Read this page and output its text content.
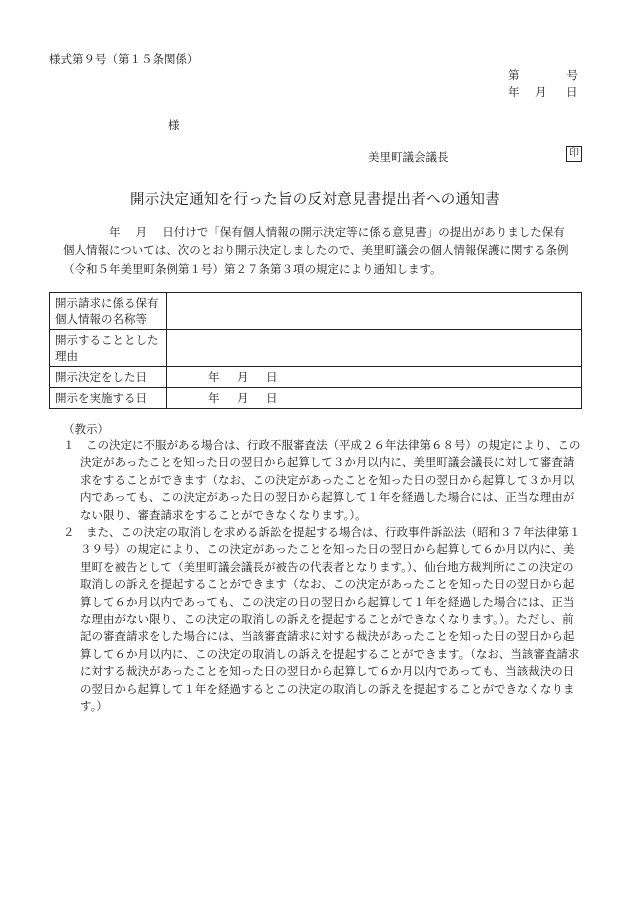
様式第９号（第１５条関係）
第	号
年 月 日
様
美里町議会議長	印
開示決定通知を行った旨の反対意見書提出者への通知書

年　 月　 日付けで「保有個人情報の開示決定等に係る意見書」の提出がありました保有

個人情報については、次のとおり開示決定しましたので、美里町議会の個人情報保護に関する条例

（令和５年美里町条例第１号）第２７条第３項の規定により通知します。

開示請求に係る保有個人情報の名称等	
開示することとした理由	
開示決定をした日	年 月 日
開示を実施する日	年 月 日
（教示）

１　この決定に不服がある場合は、行政不服審査法（平成２６年法律第６８号）の規定により、この決定があったことを知った日の翌日から起算して３か月以内に、美里町議会議長に対して審査請求をすることができます（なお、この決定があったことを知った日の翌日から起算して３か月以内であっても、この決定があった日の翌日から起算して１年を経過した場合には、正当な理由がない限り、審査請求をすることができなくなります。）。

２　また、この決定の取消しを求める訴訟を提起する場合は、行政事件訴訟法（昭和３７年法律第１３９号）の規定により、この決定があったことを知った日の翌日から起算して６か月以内に、美里町を被告として（美里町議会議長が被告の代表者となります。）、仙台地方裁判所にこの決定の取消しの訴えを提起することができます（なお、この決定があったことを知った日の翌日から起算して６か月以内であっても、この決定の日の翌日から起算して１年を経過した場合には、正当な理由がない限り、この決定の取消しの訴えを提起することができなくなります。）。ただし、前記の審査請求をした場合には、当該審査請求に対する裁決があったことを知った日の翌日から起算して６か月以内に、この決定の取消しの訴えを提起することができます。（なお、当該審査請求に対する裁決があったことを知った日の翌日から起算して６か月以内であっても、当該裁決の日の翌日から起算して１年を経過するとこの決定の取消しの訴えを提起することができなくなります。）
